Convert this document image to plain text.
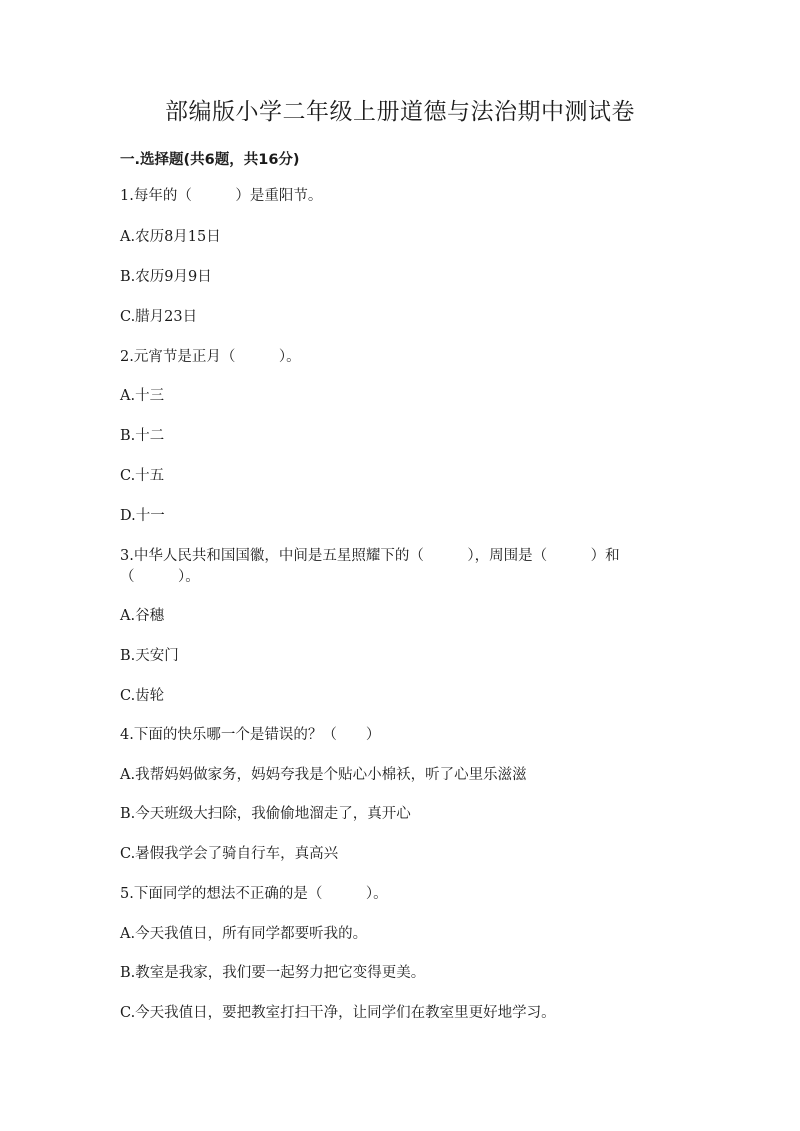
部编版小学二年级上册道德与法治期中测试卷
一.选择题(共6题，共16分)
1.每年的（　　　）是重阳节。
A.农历8月15日
B.农历9月9日
C.腊月23日
2.元宵节是正月（　　　）。
A.十三
B.十二
C.十五
D.十一
3.中华人民共和国国徽，中间是五星照耀下的（　　　），周围是（　　　）和
（　　　）。
A.谷穗
B.天安门
C.齿轮
4.下面的快乐哪一个是错误的？（　　）
A.我帮妈妈做家务，妈妈夸我是个贴心小棉袄，听了心里乐滋滋
B.今天班级大扫除，我偷偷地溜走了，真开心
C.暑假我学会了骑自行车，真高兴
5.下面同学的想法不正确的是（　　　）。
A.今天我值日，所有同学都要听我的。
B.教室是我家，我们要一起努力把它变得更美。
C.今天我值日，要把教室打扫干净，让同学们在教室里更好地学习。
